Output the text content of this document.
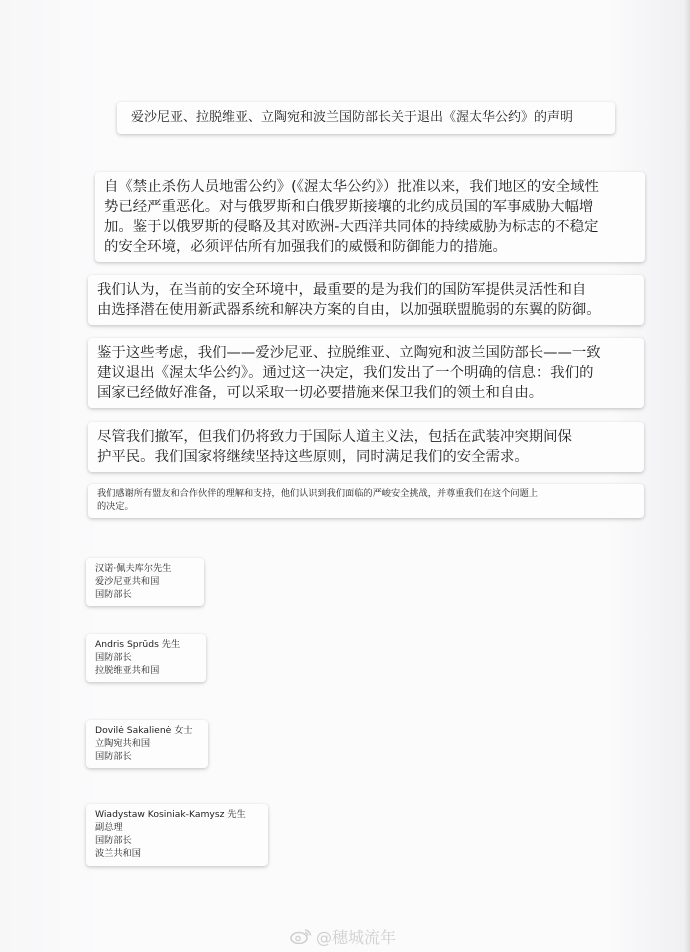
爱沙尼亚、拉脱维亚、立陶宛和波兰国防部长关于退出《渥太华公约》的声明
自《禁止杀伤人员地雷公约》(《渥太华公约》）批准以来，我们地区的安全域性
势已经严重恶化。对与俄罗斯和白俄罗斯接壤的北约成员国的军事威胁大幅增
加。鉴于以俄罗斯的侵略及其对欧洲-大西洋共同体的持续威胁为标志的不稳定
的安全环境，必须评估所有加强我们的威慑和防御能力的措施。
我们认为，在当前的安全环境中，最重要的是为我们的国防军提供灵活性和自
由选择潜在使用新武器系统和解决方案的自由，以加强联盟脆弱的东翼的防御。
鉴于这些考虑，我们——爱沙尼亚、拉脱维亚、立陶宛和波兰国防部长——一致
建议退出《渥太华公约》。通过这一决定，我们发出了一个明确的信息：我们的
国家已经做好准备，可以采取一切必要措施来保卫我们的领土和自由。
尽管我们撤军，但我们仍将致力于国际人道主义法，包括在武装冲突期间保
护平民。我们国家将继续坚持这些原则，同时满足我们的安全需求。
我们感谢所有盟友和合作伙伴的理解和支持，他们认识到我们面临的严峻安全挑战，并尊重我们在这个问题上
的决定。
汉诺·佩夫库尔先生
爱沙尼亚共和国
国防部长
Andris Sprūds 先生
国防部长
拉脱维亚共和国
Dovilė Sakalienė 女士
立陶宛共和国
国防部长
Wiadystaw Kosiniak-Kamysz 先生
副总理
国防部长
波兰共和国
@穗城流年
